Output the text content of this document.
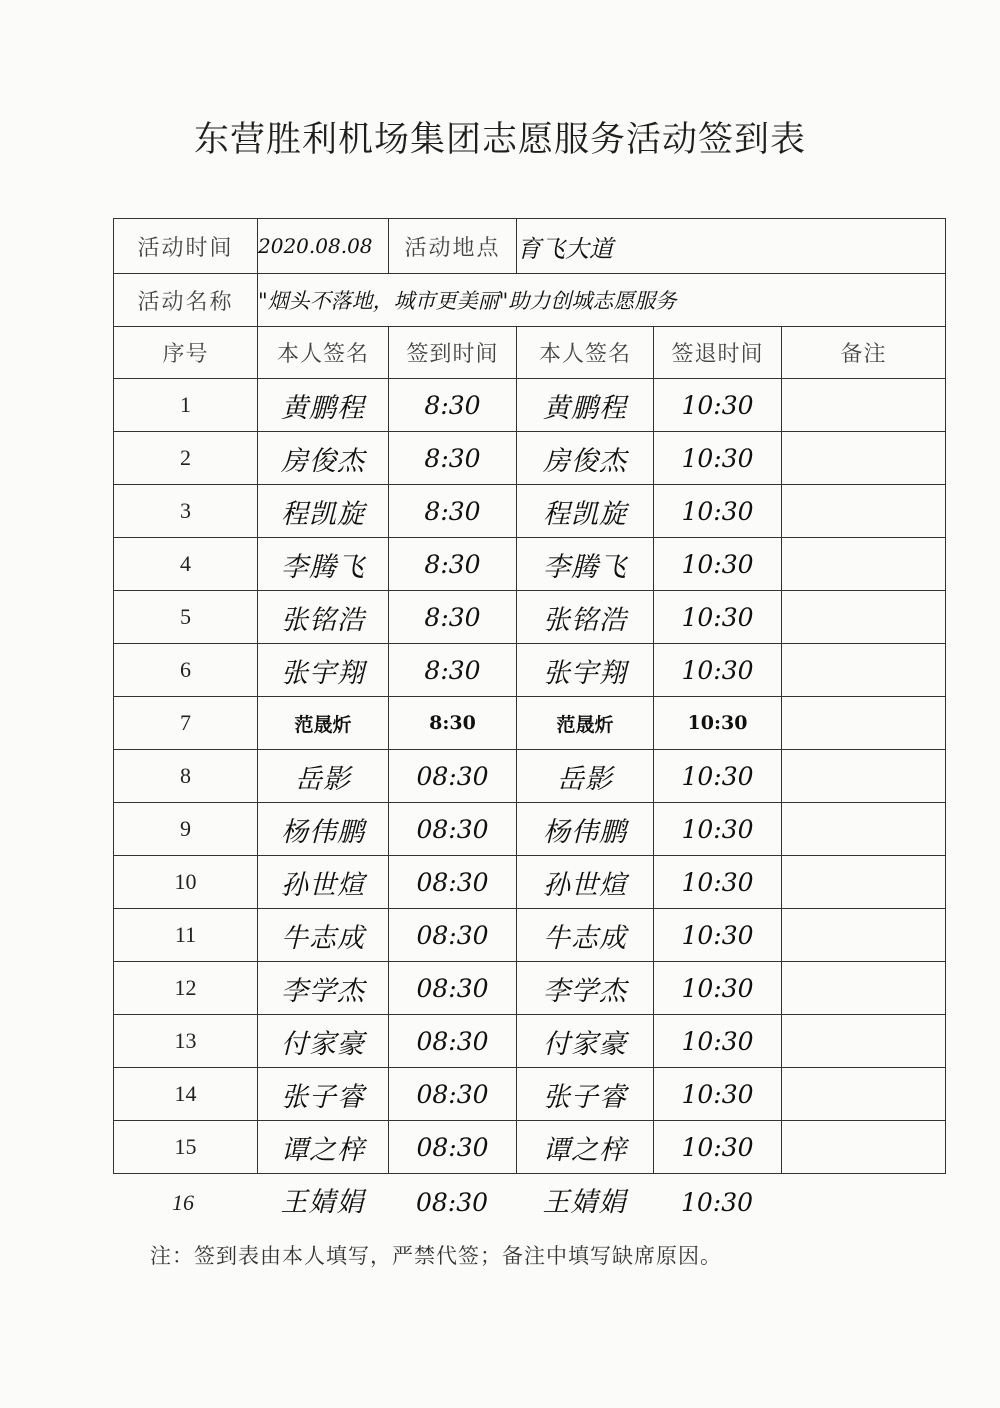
东营胜利机场集团志愿服务活动签到表
活动时间	2020.08.08	活动地点	育飞大道		
活动名称	"烟头不落地，城市更美丽"助力创城志愿服务				
序号	本人签名	签到时间	本人签名	签退时间	备注
1	黄鹏程	8:30	黄鹏程	10:30	
2	房俊杰	8:30	房俊杰	10:30	
3	程凯旋	8:30	程凯旋	10:30	
4	李腾飞	8:30	李腾飞	10:30	
5	张铭浩	8:30	张铭浩	10:30	
6	张宇翔	8:30	张宇翔	10:30	
7	范晟炘	8:30	范晟炘	10:30	
8	岳影	08:30	岳影	10:30	
9	杨伟鹏	08:30	杨伟鹏	10:30	
10	孙世煊	08:30	孙世煊	10:30	
11	牛志成	08:30	牛志成	10:30	
12	李学杰	08:30	李学杰	10:30	
13	付家豪	08:30	付家豪	10:30	
14	张子睿	08:30	张子睿	10:30	
15	谭之梓	08:30	谭之梓	10:30	
16	王婧娟	08:30	王婧娟	10:30
注：签到表由本人填写，严禁代签；备注中填写缺席原因。
